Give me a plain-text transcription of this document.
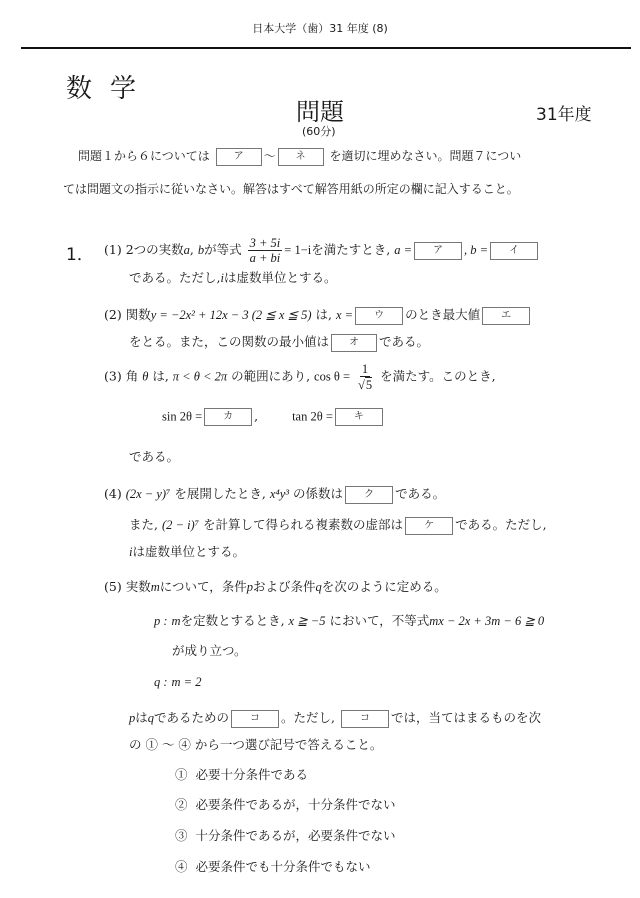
日本大学（歯）31 年度 (8)
数学
問題	31年度
(60分)
問題１から６については ア 〜 ネ を適切に埋めなさい。問題７につい
ては問題文の指示に従いなさい。解答はすべて解答用紙の所定の欄に記入すること。
1． (1) 2つの実数a, bが等式 $\frac{3 + 5i}{a + bi} = 1-i$を満たすとき, a = ア , b = イ
である。ただし,iは虚数単位とする。
(2) 関数y = −2x² + 12x − 3 (2 ≦ x ≦ 5) は, x = ウ のとき最大値 エ
をとる。また，この関数の最小値は オ である。
(3) 角 θ は, π < θ < 2π の範囲にあり, $\cos \theta = \frac{1}{√5}$ を満たす。このとき,
sin 2θ = カ ,	tan 2θ = キ
である。
(4) (2x − y)⁷ を展開したとき, x⁴y³ の係数は ク である。
また, (2 − i)⁷ を計算して得られる複素数の虚部は ケ である。ただし,
iは虚数単位とする。
(5) 実数mについて，条件pおよび条件qを次のように定める。
p : mを定数とするとき, x ≧ −5 において，不等式mx − 2x + 3m − 6 ≧ 0
が成り立つ。
q : m = 2
pはqであるための コ 。ただし, コ では，当てはまるものを次
の ① 〜 ④ から一つ選び記号で答えること。
① 必要十分条件である
② 必要条件であるが，十分条件でない
③ 十分条件であるが，必要条件でない
④ 必要条件でも十分条件でもない
